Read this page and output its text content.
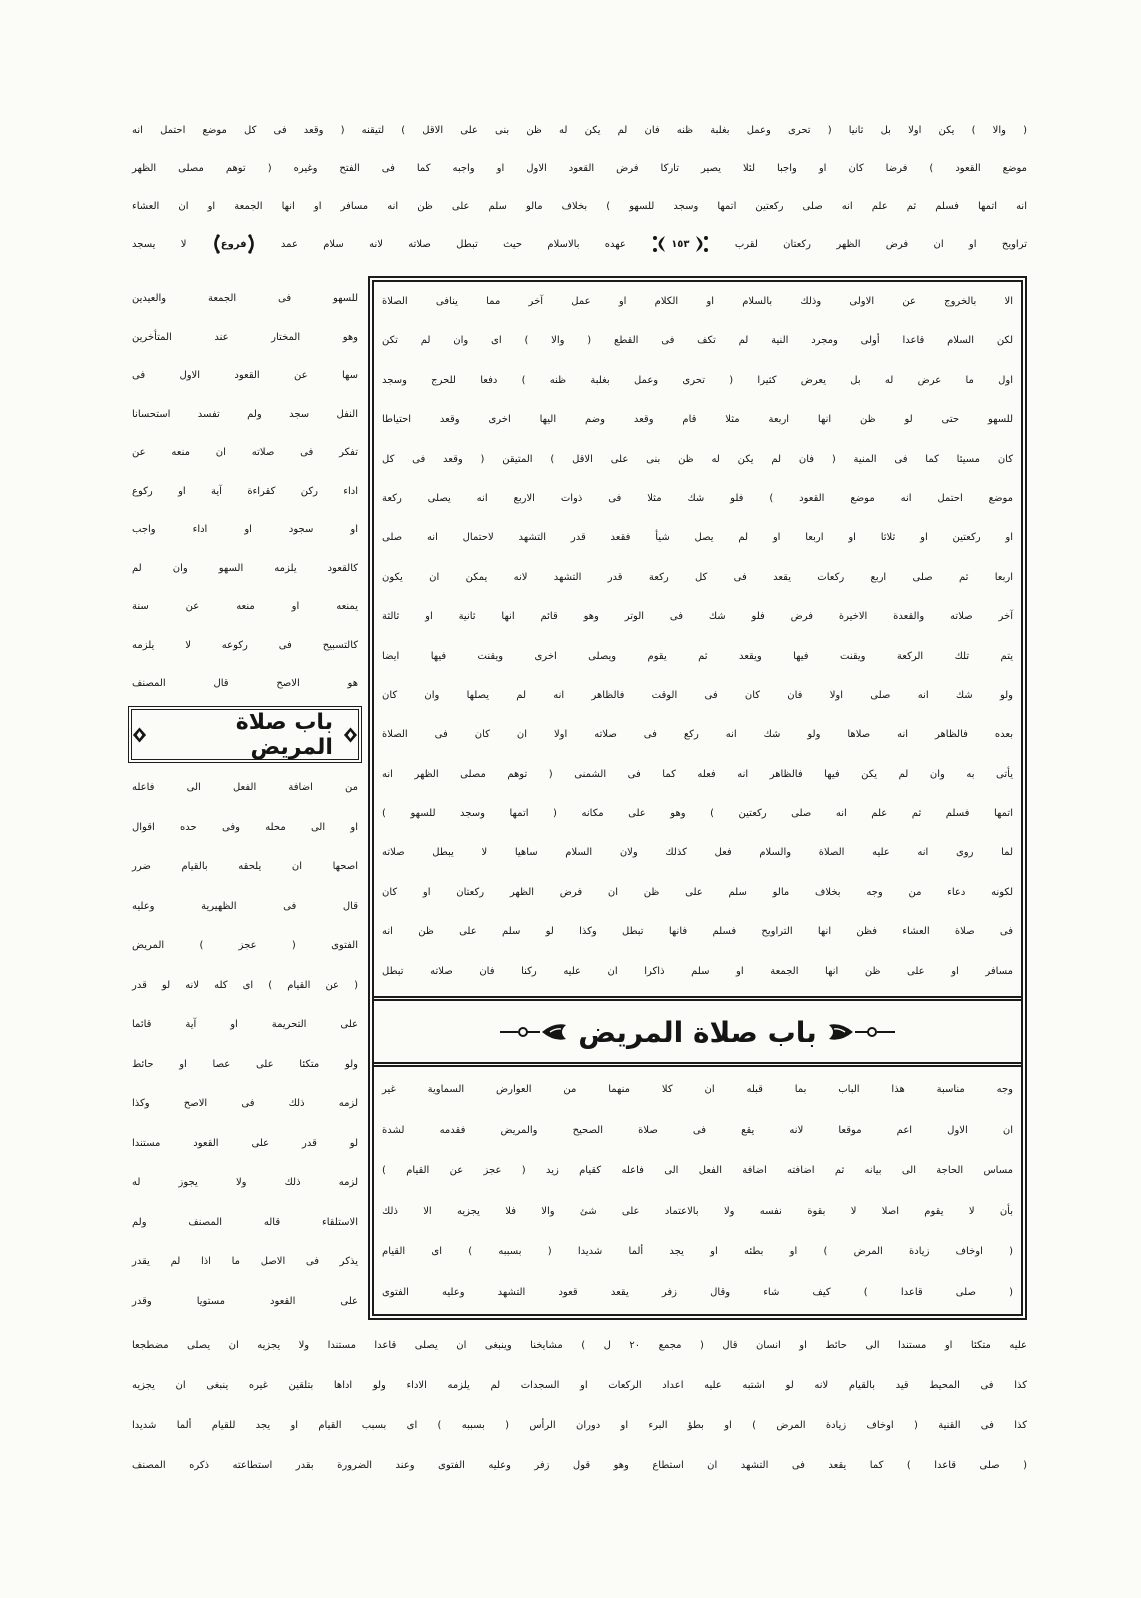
( والا ) يكن اولا بل ثانيا ( تحرى وعمل بغلبة ظنه فان لم يكن له ظن بنى على الاقل ) لتيقنه ( وقعد فى كل موضع احتمل انه
موضع القعود ) فرضا كان او واجبا لئلا يصير تاركا فرض القعود الاول او واجبه كما فى الفتح وغيره ( توهم مصلى الظهر
انه اتمها فسلم ثم علم انه صلى ركعتين اتمها وسجد للسهو ) بخلاف مالو سلم على ظن انه مسافر او انها الجمعة او ان العشاء
تراويح او ان فرض الظهر ركعتان لقرب ١٥٣ عهده بالاسلام حيث تبطل صلاته لانه سلام عمد فروع لا يسجد
للسهو فى الجمعة والعيدين
وهو المختار عند المتأخرين
سها عن القعود الاول فى
النفل سجد ولم تفسد استحسانا
تفكر فى صلاته ان منعه عن
اداء ركن كقراءة آية او ركوع
او سجود او اداء واجب
كالقعود يلزمه السهو وان لم
يمنعه او منعه عن سنة
كالتسبيح فى ركوعه لا يلزمه
هو الاصح قال المصنف
باب صلاة المريض
من اضافة الفعل الى فاعله
او الى محله وفى حده اقوال
اصحها ان يلحقه بالقيام ضرر
قال فى الظهيرية وعليه
الفتوى ( عجز ) المريض
( عن القيام ) اى كله لانه لو قدر
على التحريمة او آية قائما
ولو متكئا على عصا او حائط
لزمه ذلك فى الاصح وكذا
لو قدر على القعود مستندا
لزمه ذلك ولا يجوز له
الاستلقاء قاله المصنف ولم
يذكر فى الاصل ما اذا لم يقدر
على القعود مستويا وقدر
الا بالخروج عن الاولى وذلك بالسلام او الكلام او عمل آخر مما ينافى الصلاة
لكن السلام قاعدا أولى ومجرد النية لم تكف فى القطع ( والا ) اى وان لم تكن
اول ما عرض له بل يعرض كثيرا ( تحرى وعمل بغلبة ظنه ) دفعا للحرج وسجد
للسهو حتى لو ظن انها اربعة مثلا قام وقعد وضم اليها اخرى وقعد احتياطا
كان مسيئا كما فى المنية ( فان لم يكن له ظن بنى على الاقل ) المتيقن ( وقعد فى كل
موضع احتمل انه موضع القعود ) فلو شك مثلا فى ذوات الاربع انه يصلى ركعة
او ركعتين او ثلاثا او اربعا او لم يصل شيأ فقعد قدر التشهد لاحتمال انه صلى
اربعا ثم صلى اربع ركعات يقعد فى كل ركعة قدر التشهد لانه يمكن ان يكون
آخر صلاته والقعدة الاخيرة فرض فلو شك فى الوتر وهو قائم انها ثانية او ثالثة
يتم تلك الركعة ويقنت فيها ويقعد ثم يقوم ويصلى اخرى ويقنت فيها ايضا
ولو شك انه صلى اولا فان كان فى الوقت فالظاهر انه لم يصلها وان كان
بعده فالظاهر انه صلاها ولو شك انه ركع فى صلاته اولا ان كان فى الصلاة
يأتى به وان لم يكن فيها فالظاهر انه فعله كما فى الشمنى ( توهم مصلى الظهر انه
اتمها فسلم ثم علم انه صلى ركعتين ) وهو على مكانه ( اتمها وسجد للسهو )
لما روى انه عليه الصلاة والسلام فعل كذلك ولان السلام ساهيا لا يبطل صلاته
لكونه دعاء من وجه بخلاف مالو سلم على ظن ان فرض الظهر ركعتان او كان
فى صلاة العشاء فظن انها التراويح فسلم فانها تبطل وكذا لو سلم على ظن انه
مسافر او على ظن انها الجمعة او سلم ذاكرا ان عليه ركنا فان صلاته تبطل
باب صلاة المريض
وجه مناسبة هذا الباب بما قبله ان كلا منهما من العوارض السماوية غير
ان الاول اعم موقعا لانه يقع فى صلاة الصحيح والمريض فقدمه لشدة
مساس الحاجة الى بيانه ثم اضافته اضافة الفعل الى فاعله كقيام زيد ( عجز عن القيام )
بأن لا يقوم اصلا لا بقوة نفسه ولا بالاعتماد على شئ والا فلا يجزيه الا ذلك
( اوخاف زيادة المرض ) او بطئه او يجد ألما شديدا ( بسببه ) اى القيام
( صلى قاعدا ) كيف شاء وقال زفر يقعد قعود التشهد وعليه الفتوى
عليه متكئا او مستندا الى حائط او انسان قال ( مجمع ٢٠ ل ) مشايخنا وينبغى ان يصلى قاعدا مستندا ولا يجزيه ان يصلى مضطجعا
كذا فى المحيط قيد بالقيام لانه لو اشتبه عليه اعداد الركعات او السجدات لم يلزمه الاداء ولو اداها بتلقين غيره ينبغى ان يجزيه
كذا فى القنية ( اوخاف زيادة المرض ) او بطؤ البرء او دوران الرأس ( بسببه ) اى بسبب القيام او يجد للقيام ألما شديدا
( صلى قاعدا ) كما يقعد فى التشهد ان استطاع وهو قول زفر وعليه الفتوى وعند الضرورة بقدر استطاعته ذكره المصنف
